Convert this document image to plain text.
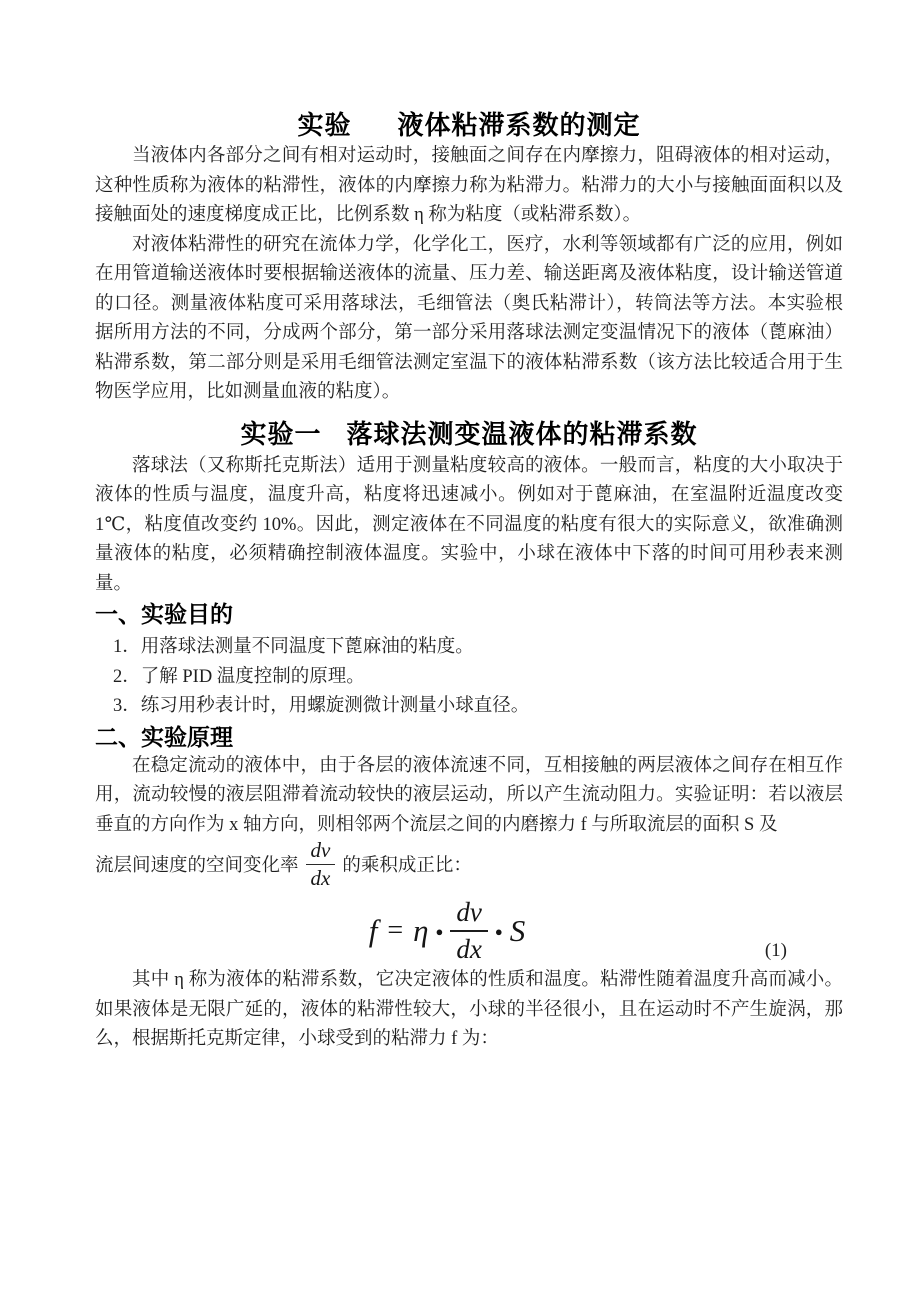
实验 液体粘滞系数的测定

当液体内各部分之间有相对运动时，接触面之间存在内摩擦力，阻碍液体的相对运动，这种性质称为液体的粘滞性，液体的内摩擦力称为粘滞力。粘滞力的大小与接触面面积以及接触面处的速度梯度成正比，比例系数 η 称为粘度（或粘滞系数）。

对液体粘滞性的研究在流体力学，化学化工，医疗，水利等领域都有广泛的应用，例如在用管道输送液体时要根据输送液体的流量、压力差、输送距离及液体粘度，设计输送管道的口径。测量液体粘度可采用落球法，毛细管法（奥氏粘滞计），转筒法等方法。本实验根据所用方法的不同，分成两个部分，第一部分采用落球法测定变温情况下的液体（蓖麻油）粘滞系数，第二部分则是采用毛细管法测定室温下的液体粘滞系数（该方法比较适合用于生物医学应用，比如测量血液的粘度）。

实验一 落球法测变温液体的粘滞系数

落球法（又称斯托克斯法）适用于测量粘度较高的液体。一般而言，粘度的大小取决于液体的性质与温度，温度升高，粘度将迅速减小。例如对于蓖麻油，在室温附近温度改变1℃，粘度值改变约 10%。因此，测定液体在不同温度的粘度有很大的实际意义，欲准确测量液体的粘度，必须精确控制液体温度。实验中，小球在液体中下落的时间可用秒表来测量。

一、实验目的
1．用落球法测量不同温度下蓖麻油的粘度。
2．了解 PID 温度控制的原理。
3．练习用秒表计时，用螺旋测微计测量小球直径。
二、实验原理

在稳定流动的液体中，由于各层的液体流速不同，互相接触的两层液体之间存在相互作用，流动较慢的液层阻滞着流动较快的液层运动，所以产生流动阻力。实验证明：若以液层垂直的方向作为 x 轴方向，则相邻两个流层之间的内磨擦力 f 与所取流层的面积 S 及

流层间速度的空间变化率 $\frac{dv}{dx}$ 的乘积成正比：
f = η ● $\frac{dv}{dx}$ ● S
(1)

其中 η 称为液体的粘滞系数，它决定液体的性质和温度。粘滞性随着温度升高而减小。如果液体是无限广延的，液体的粘滞性较大，小球的半径很小，且在运动时不产生旋涡，那么，根据斯托克斯定律，小球受到的粘滞力 f 为：
